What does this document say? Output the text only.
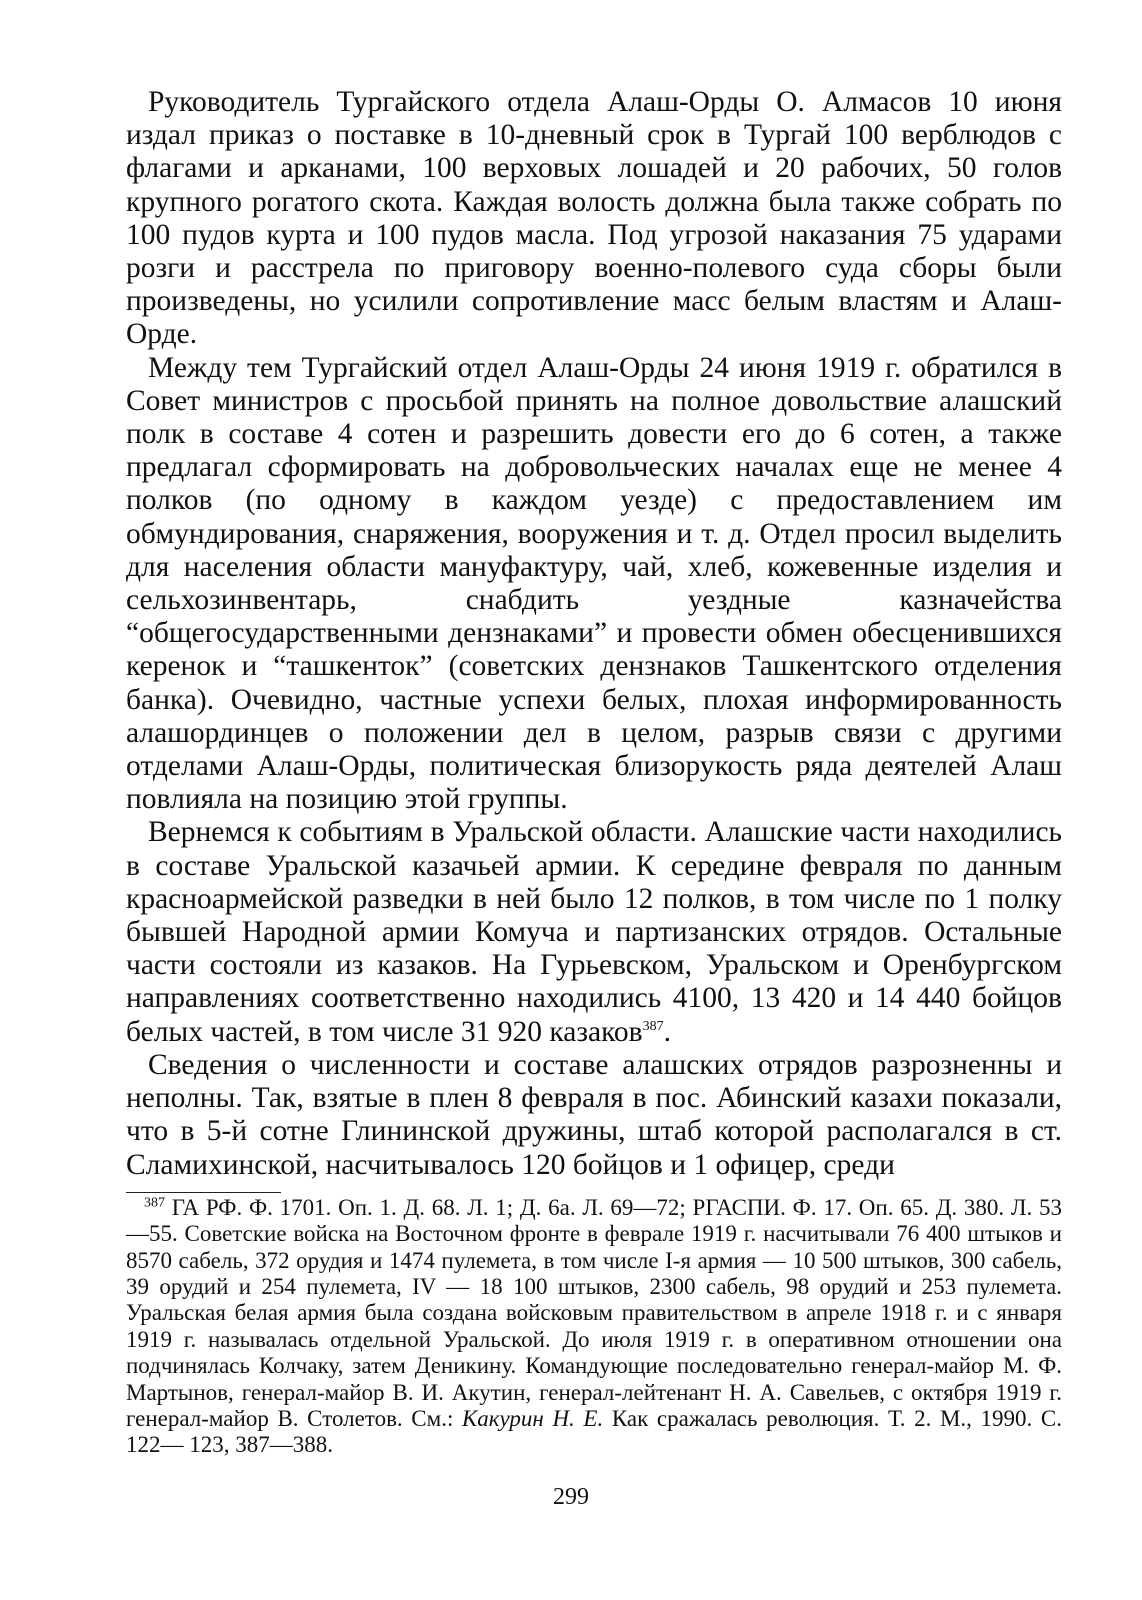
Руководитель Тургайского отдела Алаш-Орды О. Алмасов 10 июня издал приказ о поставке в 10-дневный срок в Тургай 100 верблюдов с флагами и арканами, 100 верховых лошадей и 20 рабочих, 50 голов крупного рогатого скота. Каждая волость должна была также собрать по 100 пудов курта и 100 пудов масла. Под угрозой наказания 75 ударами розги и расстрела по приговору военно-полевого суда сборы были произведены, но усилили сопротивление масс белым властям и Алаш-Орде.

Между тем Тургайский отдел Алаш-Орды 24 июня 1919 г. обратился в Совет министров с просьбой принять на полное довольствие алашский полк в составе 4 сотен и разрешить довести его до 6 сотен, а также предлагал сформировать на добровольческих началах еще не менее 4 полков (по одному в каждом уезде) с предоставлением им обмундирования, снаряжения, вооружения и т. д. Отдел просил выделить для населения области мануфактуру, чай, хлеб, кожевенные изделия и сельхозинвентарь, снабдить уездные казначейства “общегосударственными дензнаками” и провести обмен обесценившихся керенок и “ташкенток” (советских дензнаков Ташкентского отделения банка). Очевидно, частные успехи белых, плохая информированность алашординцев о положении дел в целом, разрыв связи с другими отделами Алаш-Орды, политическая близорукость ряда деятелей Алаш повлияла на позицию этой группы.

Вернемся к событиям в Уральской области. Алашские части находились в составе Уральской казачьей армии. К середине февраля по данным красноармейской разведки в ней было 12 полков, в том числе по 1 полку бывшей Народной армии Комуча и партизанских отрядов. Остальные части состояли из казаков. На Гурьевском, Уральском и Оренбургском направлениях соответственно находились 4100, 13 420 и 14 440 бойцов белых частей, в том числе 31 920 казаков$^{387}$.

Сведения о численности и составе алашских отрядов разрозненны и неполны. Так, взятые в плен 8 февраля в пос. Абинский казахи показали, что в 5-й сотне Глининской дружины, штаб которой располагался в ст. Сламихинской, насчитывалось 120 бойцов и 1 офицер, среди

$^{387}$ ГА РФ. Ф. 1701. Оп. 1. Д. 68. Л. 1; Д. 6а. Л. 69—72; РГАСПИ. Ф. 17. Оп. 65. Д. 380. Л. 53—55. Советские войска на Восточном фронте в феврале 1919 г. насчитывали 76 400 штыков и 8570 сабель, 372 орудия и 1474 пулемета, в том числе I-я армия — 10 500 штыков, 300 сабель, 39 орудий и 254 пулемета, IV — 18 100 штыков, 2300 сабель, 98 орудий и 253 пулемета. Уральская белая армия была создана войсковым правительством в апреле 1918 г. и с января 1919 г. называлась отдельной Уральской. До июля 1919 г. в оперативном отношении она подчинялась Колчаку, затем Деникину. Командующие последовательно генерал-майор М. Ф. Мартынов, генерал-майор В. И. Акутин, генерал-лейтенант Н. А. Савельев, с октября 1919 г. генерал-майор В. Столетов. См.: Какурин Н. Е. Как сражалась революция. Т. 2. М., 1990. С. 122— 123, 387—388.

299
